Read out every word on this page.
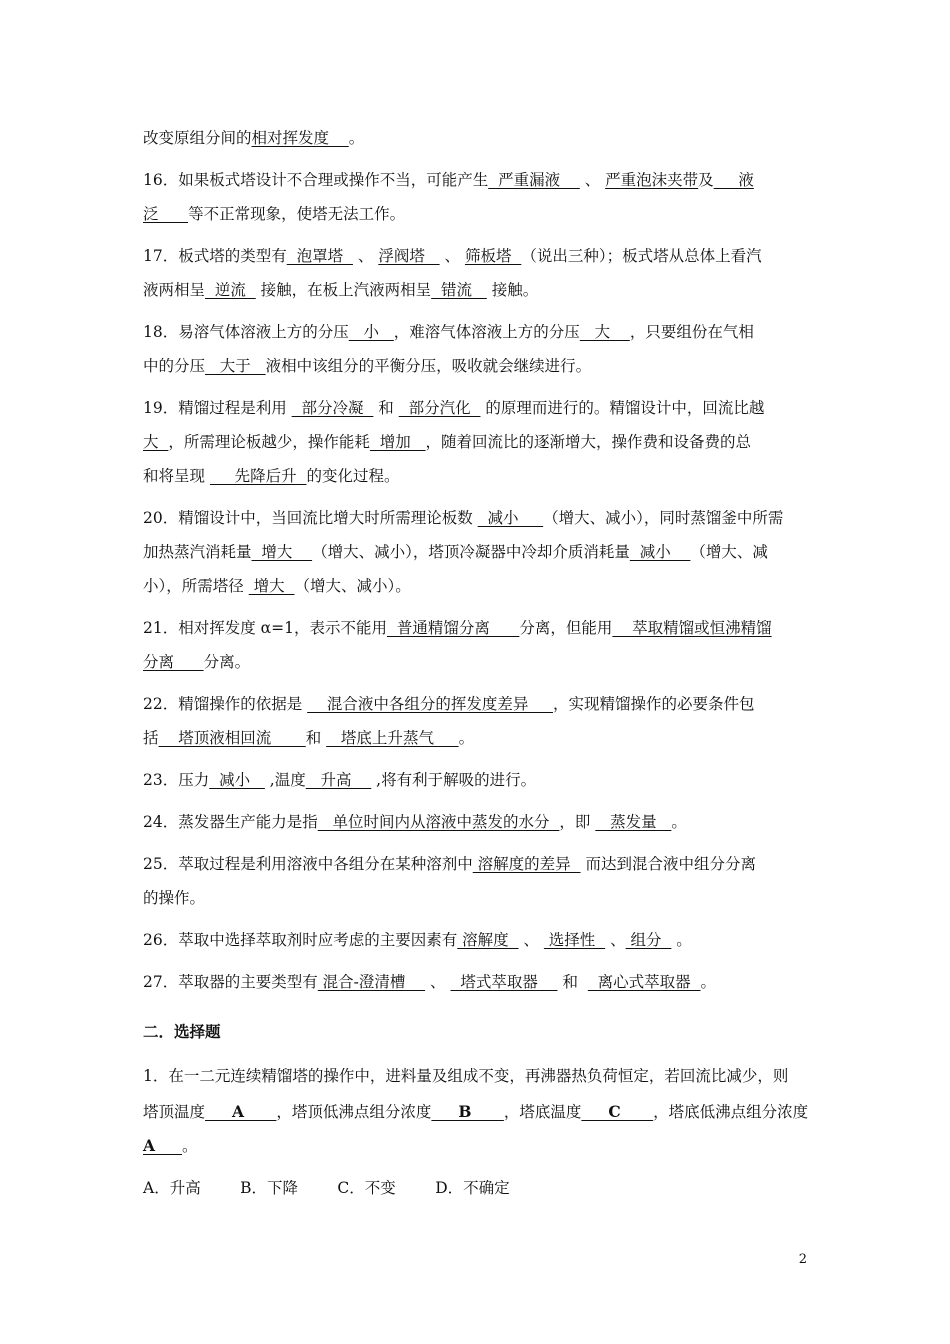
改变原组分间的相对挥发度    。
16．如果板式塔设计不合理或操作不当，可能产生  严重漏液     、 严重泡沫夹带及     液
泛      等不正常现象，使塔无法工作。
17．板式塔的类型有  泡罩塔   、 浮阀塔    、 筛板塔  （说出三种）；板式塔从总体上看汽
液两相呈  逆流   接触，在板上汽液两相呈  错流    接触。
18．易溶气体溶液上方的分压   小   ，难溶气体溶液上方的分压   大    ，只要组份在气相
中的分压   大于   液相中该组分的平衡分压，吸收就会继续进行。
19．精馏过程是利用   部分冷凝   和   部分汽化   的原理而进行的。精馏设计中，回流比越
大  ，所需理论板越少，操作能耗  增加   ，随着回流比的逐渐增大，操作费和设备费的总
和将呈现      先降后升  的变化过程。
20．精馏设计中，当回流比增大时所需理论板数   减小     （增大、减小），同时蒸馏釜中所需
加热蒸汽消耗量  增大    （增大、减小），塔顶冷凝器中冷却介质消耗量  减小    （增大、减
小），所需塔径  增大  （增大、减小）。
21．相对挥发度 α=1，表示不能用  普通精馏分离      分离，但能用    萃取精馏或恒沸精馏
分离      分离。
22．精馏操作的依据是     混合液中各组分的挥发度差异     ，实现精馏操作的必要条件包
括    塔顶液相回流       和    塔底上升蒸气     。
23．压力  减小    ,温度   升高     ,将有利于解吸的进行。
24．蒸发器生产能力是指   单位时间内从溶液中蒸发的水分  ，即    蒸发量   。
25．萃取过程是利用溶液中各组分在某种溶剂中 溶解度的差异   而达到混合液中组分分离
的操作。
26．萃取中选择萃取剂时应考虑的主要因素有 溶解度   、  选择性   、 组分   。
27．萃取器的主要类型有 混合-澄清槽     、   塔式萃取器     和    离心式萃取器  。
二．选择题
1．在一二元连续精馏塔的操作中，进料量及组成不变，再沸器热负荷恒定，若回流比减少，则
塔顶温度     A      ，塔顶低沸点组分浓度     B      ，塔底温度     C      ，塔底低沸点组分浓度
A     。
A．升高        B．下降        C．不变        D．不确定
2
